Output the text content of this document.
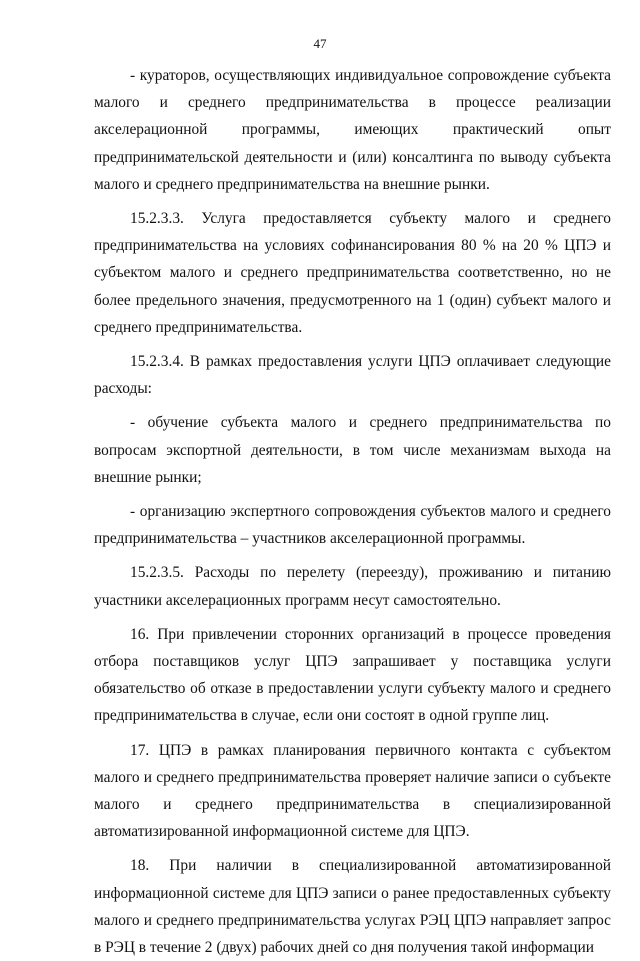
47

- кураторов, осуществляющих индивидуальное сопровождение субъекта малого и среднего предпринимательства в процессе реализации акселерационной программы, имеющих практический опыт предпринимательской деятельности и (или) консалтинга по выводу субъекта малого и среднего предпринимательства на внешние рынки.

15.2.3.3. Услуга предоставляется субъекту малого и среднего предпринимательства на условиях софинансирования 80 % на 20 % ЦПЭ и субъектом малого и среднего предпринимательства соответственно, но не более предельного значения, предусмотренного на 1 (один) субъект малого и среднего предпринимательства.

15.2.3.4. В рамках предоставления услуги ЦПЭ оплачивает следующие расходы:

- обучение субъекта малого и среднего предпринимательства по вопросам экспортной деятельности, в том числе механизмам выхода на внешние рынки;

- организацию экспертного сопровождения субъектов малого и среднего предпринимательства – участников акселерационной программы.

15.2.3.5. Расходы по перелету (переезду), проживанию и питанию участники акселерационных программ несут самостоятельно.

16. При привлечении сторонних организаций в процессе проведения отбора поставщиков услуг ЦПЭ запрашивает у поставщика услуги обязательство об отказе в предоставлении услуги субъекту малого и среднего предпринимательства в случае, если они состоят в одной группе лиц.

17. ЦПЭ в рамках планирования первичного контакта с субъектом малого и среднего предпринимательства проверяет наличие записи о субъекте малого и среднего предпринимательства в специализированной автоматизированной информационной системе для ЦПЭ.

18. При наличии в специализированной автоматизированной информационной системе для ЦПЭ записи о ранее предоставленных субъекту малого и среднего предпринимательства услугах РЭЦ ЦПЭ направляет запрос в РЭЦ в течение 2 (двух) рабочих дней со дня получения такой информации
